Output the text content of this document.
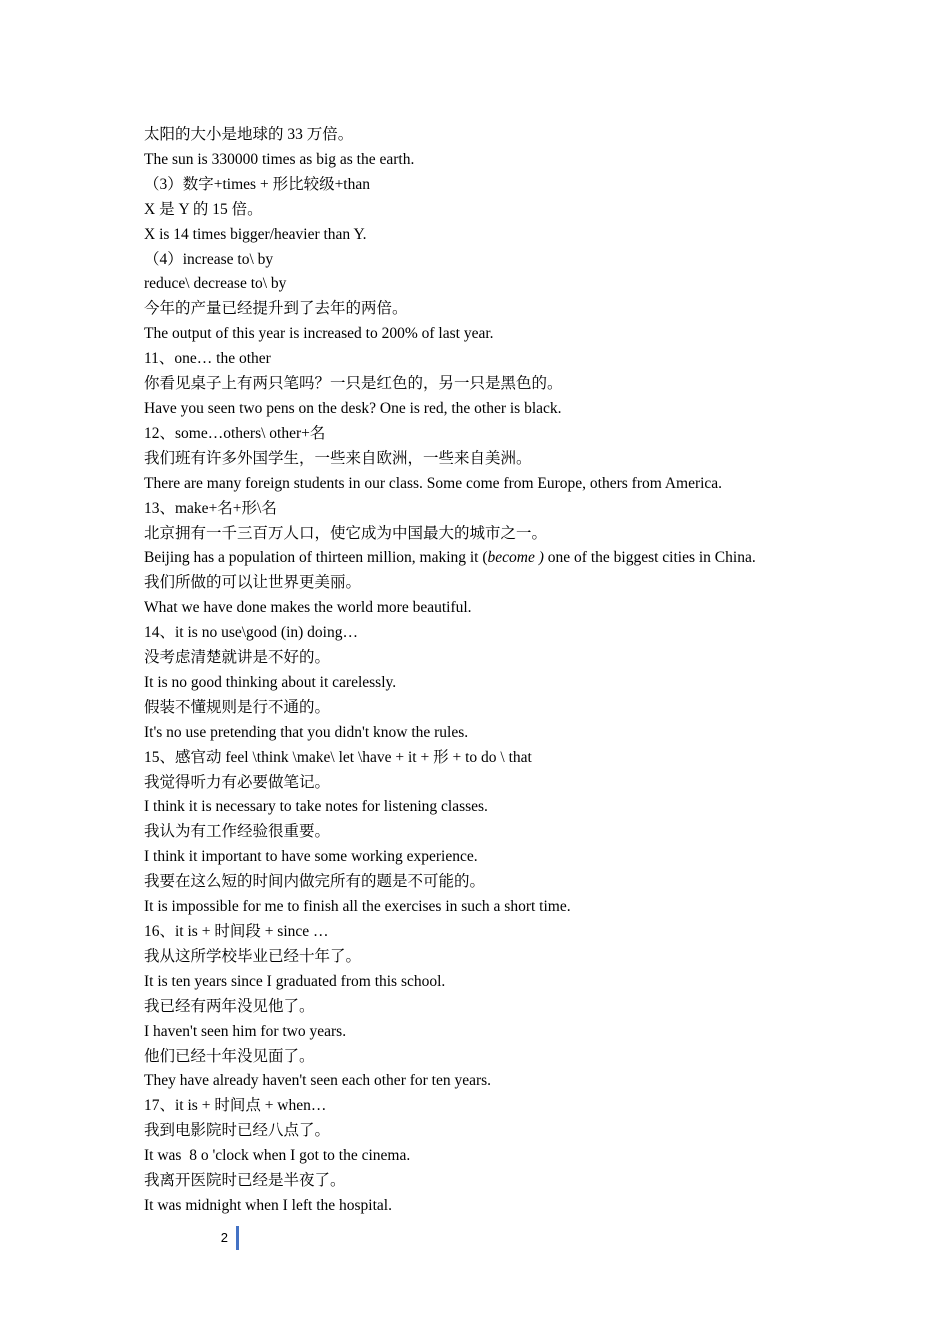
太阳的大小是地球的 33 万倍。
The sun is 330000 times as big as the earth.
（3）数字+times + 形比较级+than
X 是 Y 的 15 倍。
X is 14 times bigger/heavier than Y.
（4）increase to\ by
reduce\ decrease to\ by
今年的产量已经提升到了去年的两倍。
The output of this year is increased to 200% of last year.
11、one… the other
你看见桌子上有两只笔吗？一只是红色的，另一只是黑色的。
Have you seen two pens on the desk? One is red, the other is black.
12、some…others\ other+名
我们班有许多外国学生，一些来自欧洲，一些来自美洲。
There are many foreign students in our class. Some come from Europe, others from America.
13、make+名+形\名
北京拥有一千三百万人口，使它成为中国最大的城市之一。
Beijing has a population of thirteen million, making it (become ) one of the biggest cities in China.
我们所做的可以让世界更美丽。
What we have done makes the world more beautiful.
14、it is no use\good (in) doing…
没考虑清楚就讲是不好的。
It is no good thinking about it carelessly.
假装不懂规则是行不通的。
It's no use pretending that you didn't know the rules.
15、感官动 feel \think \make\ let \have + it + 形 + to do \ that
我觉得听力有必要做笔记。
I think it is necessary to take notes for listening classes.
我认为有工作经验很重要。
I think it important to have some working experience.
我要在这么短的时间内做完所有的题是不可能的。
It is impossible for me to finish all the exercises in such a short time.
16、it is + 时间段 + since …
我从这所学校毕业已经十年了。
It is ten years since I graduated from this school.
我已经有两年没见他了。
I haven't seen him for two years.
他们已经十年没见面了。
They have already haven't seen each other for ten years.
17、it is + 时间点 + when…
我到电影院时已经八点了。
It was  8 o 'clock when I got to the cinema.
我离开医院时已经是半夜了。
It was midnight when I left the hospital.
2
